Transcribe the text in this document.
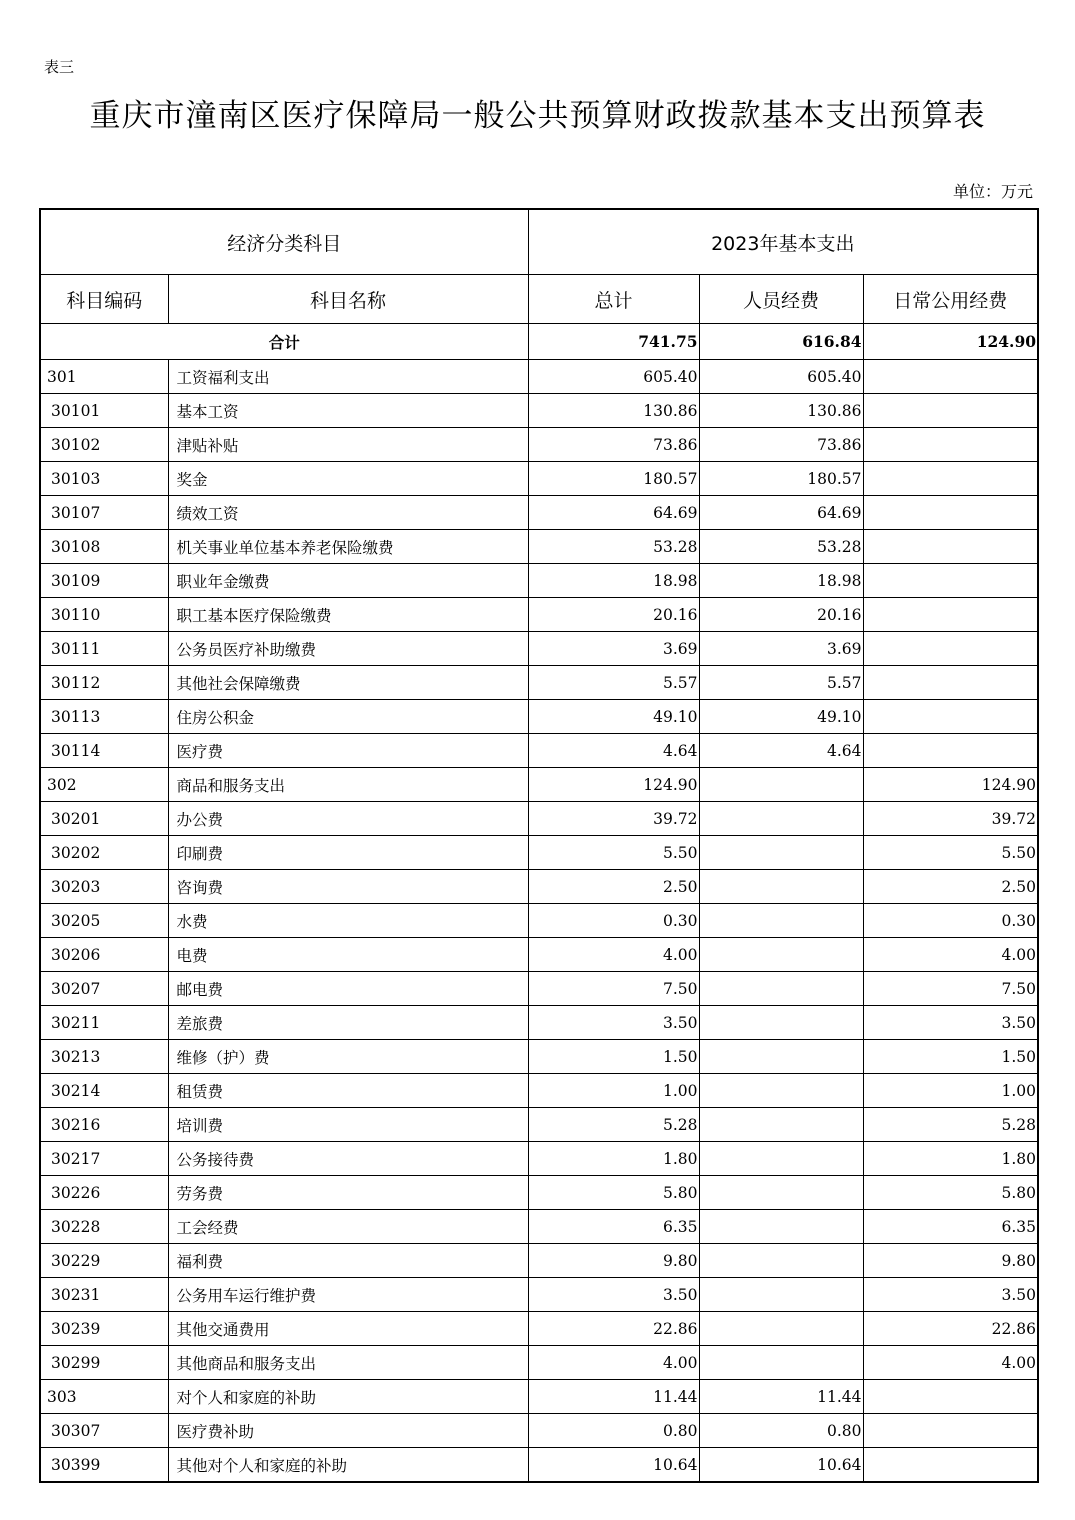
表三
重庆市潼南区医疗保障局一般公共预算财政拨款基本支出预算表
单位：万元
经济分类科目		2023年基本支出		
科目编码	科目名称	总计	人员经费	日常公用经费
合计		741.75	616.84	124.90
301	工资福利支出	605.40	605.40	
30101	基本工资	130.86	130.86	
30102	津贴补贴	73.86	73.86	
30103	奖金	180.57	180.57	
30107	绩效工资	64.69	64.69	
30108	机关事业单位基本养老保险缴费	53.28	53.28	
30109	职业年金缴费	18.98	18.98	
30110	职工基本医疗保险缴费	20.16	20.16	
30111	公务员医疗补助缴费	3.69	3.69	
30112	其他社会保障缴费	5.57	5.57	
30113	住房公积金	49.10	49.10	
30114	医疗费	4.64	4.64	
302	商品和服务支出	124.90		124.90
30201	办公费	39.72		39.72
30202	印刷费	5.50		5.50
30203	咨询费	2.50		2.50
30205	水费	0.30		0.30
30206	电费	4.00		4.00
30207	邮电费	7.50		7.50
30211	差旅费	3.50		3.50
30213	维修（护）费	1.50		1.50
30214	租赁费	1.00		1.00
30216	培训费	5.28		5.28
30217	公务接待费	1.80		1.80
30226	劳务费	5.80		5.80
30228	工会经费	6.35		6.35
30229	福利费	9.80		9.80
30231	公务用车运行维护费	3.50		3.50
30239	其他交通费用	22.86		22.86
30299	其他商品和服务支出	4.00		4.00
303	对个人和家庭的补助	11.44	11.44	
30307	医疗费补助	0.80	0.80	
30399	其他对个人和家庭的补助	10.64	10.64	
